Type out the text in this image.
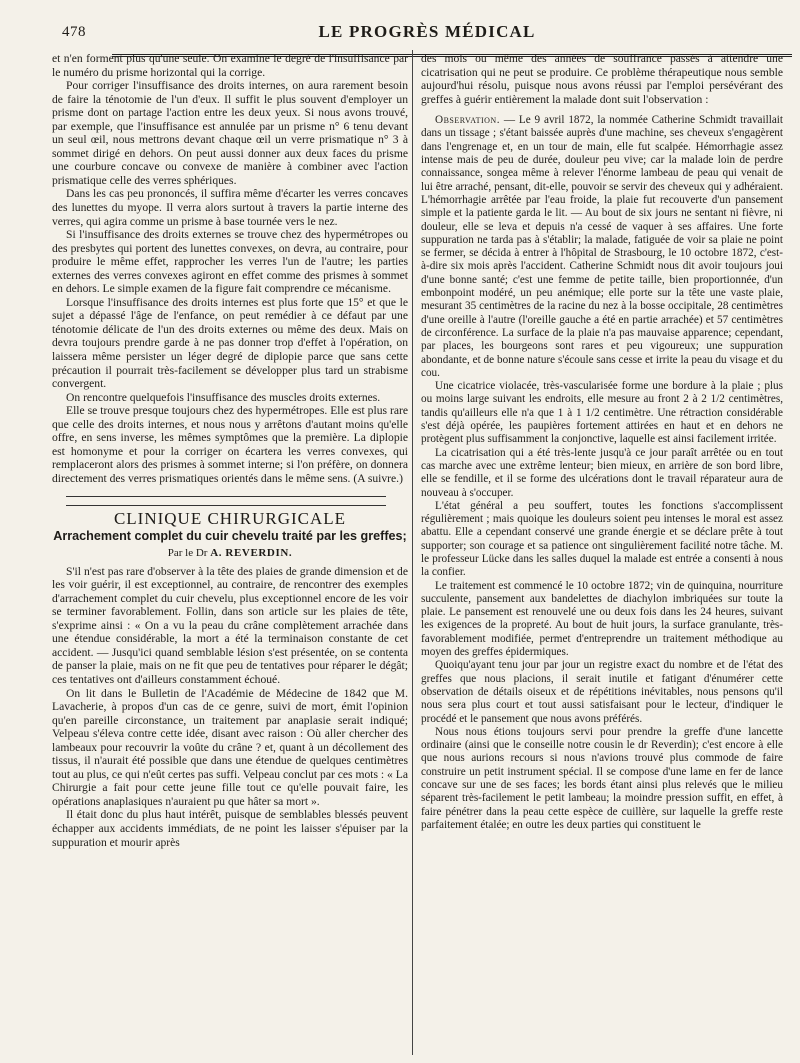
478	LE PROGRÈS MÉDICAL

et n'en forment plus qu'une seule. On examine le degré de l'insuffisance par le numéro du prisme horizontal qui la corrige.

Pour corriger l'insuffisance des droits internes, on aura rarement besoin de faire la ténotomie de l'un d'eux. Il suffit le plus souvent d'employer un prisme dont on partage l'action entre les deux yeux. Si nous avons trouvé, par exemple, que l'insuffisance est annulée par un prisme n° 6 tenu devant un seul œil, nous mettrons devant chaque œil un verre prismatique n° 3 à sommet dirigé en dehors. On peut aussi donner aux deux faces du prisme une courbure concave ou convexe de manière à combiner avec l'action prismatique celle des verres sphériques.

Dans les cas peu prononcés, il suffira même d'écarter les verres concaves des lunettes du myope. Il verra alors surtout à travers la partie interne des verres, qui agira comme un prisme à base tournée vers le nez.

Si l'insuffisance des droits externes se trouve chez des hypermétropes ou des presbytes qui portent des lunettes convexes, on devra, au contraire, pour produire le même effet, rapprocher les verres l'un de l'autre; les parties externes des verres convexes agiront en effet comme des prismes à sommet en dehors. Le simple examen de la figure fait comprendre ce mécanisme.

Lorsque l'insuffisance des droits internes est plus forte que 15° et que le sujet a dépassé l'âge de l'enfance, on peut remédier à ce défaut par une ténotomie délicate de l'un des droits externes ou même des deux. Mais on devra toujours prendre garde à ne pas donner trop d'effet à l'opération, on laissera même persister un léger degré de diplopie parce que sans cette précaution il pourrait très-facilement se développer plus tard un strabisme convergent.

On rencontre quelquefois l'insuffisance des muscles droits externes.

Elle se trouve presque toujours chez des hypermétropes. Elle est plus rare que celle des droits internes, et nous nous y arrêtons d'autant moins qu'elle offre, en sens inverse, les mêmes symptômes que la première. La diplopie est homonyme et pour la corriger on écartera les verres convexes, qui remplaceront alors des prismes à sommet interne; si l'on préfère, on donnera directement des verres prismatiques orientés dans le même sens. (A suivre.)

CLINIQUE CHIRURGICALE
Arrachement complet du cuir chevelu traité par les greffes;
Par le Dr A. REVERDIN.

S'il n'est pas rare d'observer à la tête des plaies de grande dimension et de les voir guérir, il est exceptionnel, au contraire, de rencontrer des exemples d'arrachement complet du cuir chevelu, plus exceptionnel encore de les voir se terminer favorablement. Follin, dans son article sur les plaies de tête, s'exprime ainsi : « On a vu la peau du crâne complètement arrachée dans une étendue considérable, la mort a été la terminaison constante de cet accident. — Jusqu'ici quand semblable lésion s'est présentée, on se contenta de panser la plaie, mais on ne fit que peu de tentatives pour réparer le dégât; ces tentatives ont d'ailleurs constamment échoué.

On lit dans le Bulletin de l'Académie de Médecine de 1842 que M. Lavacherie, à propos d'un cas de ce genre, suivi de mort, émit l'opinion qu'en pareille circonstance, un traitement par anaplasie serait indiqué; Velpeau s'éleva contre cette idée, disant avec raison : Où aller chercher des lambeaux pour recouvrir la voûte du crâne ? et, quant à un décollement des tissus, il n'aurait été possible que dans une étendue de quelques centimètres tout au plus, ce qui n'eût certes pas suffi. Velpeau conclut par ces mots : « La Chirurgie a fait pour cette jeune fille tout ce qu'elle pouvait faire, les opérations anaplasiques n'auraient pu que hâter sa mort ».

Il était donc du plus haut intérêt, puisque de semblables blessés peuvent échapper aux accidents immédiats, de ne point les laisser s'épuiser par la suppuration et mourir après

des mois ou même des années de souffrance passés à attendre une cicatrisation qui ne peut se produire. Ce problème thérapeutique nous semble aujourd'hui résolu, puisque nous avons réussi par l'emploi persévérant des greffes à guérir entièrement la malade dont suit l'observation :

Observation. — Le 9 avril 1872, la nommée Catherine Schmidt travaillait dans un tissage ; s'étant baissée auprès d'une machine, ses cheveux s'engagèrent dans l'engrenage et, en un tour de main, elle fut scalpée. Hémorrhagie assez intense mais de peu de durée, douleur peu vive; car la malade loin de perdre connaissance, songea même à relever l'énorme lambeau de peau qui venait de lui être arraché, pensant, dit-elle, pouvoir se servir des cheveux qui y adhéraient. L'hémorrhagie arrêtée par l'eau froide, la plaie fut recouverte d'un pansement simple et la patiente garda le lit. — Au bout de six jours ne sentant ni fièvre, ni douleur, elle se leva et depuis n'a cessé de vaquer à ses affaires. Une forte suppuration ne tarda pas à s'établir; la malade, fatiguée de voir sa plaie ne point se fermer, se décida à entrer à l'hôpital de Strasbourg, le 10 octobre 1872, c'est-à-dire six mois après l'accident. Catherine Schmidt nous dit avoir toujours joui d'une bonne santé; c'est une femme de petite taille, bien proportionnée, d'un embonpoint modéré, un peu anémique; elle porte sur la tête une vaste plaie, mesurant 35 centimètres de la racine du nez à la bosse occipitale, 28 centimètres d'une oreille à l'autre (l'oreille gauche a été en partie arrachée) et 57 centimètres de circonférence. La surface de la plaie n'a pas mauvaise apparence; cependant, par places, les bourgeons sont rares et peu vigoureux; une suppuration abondante, et de bonne nature s'écoule sans cesse et irrite la peau du visage et du cou.

Une cicatrice violacée, très-vascularisée forme une bordure à la plaie ; plus ou moins large suivant les endroits, elle mesure au front 2 à 2 1/2 centimètres, tandis qu'ailleurs elle n'a que 1 à 1 1/2 centimètre. Une rétraction considérable s'est déjà opérée, les paupières fortement attirées en haut et en dehors ne protègent plus suffisamment la conjonctive, laquelle est ainsi facilement irritée.

La cicatrisation qui a été très-lente jusqu'à ce jour paraît arrêtée ou en tout cas marche avec une extrême lenteur; bien mieux, en arrière de son bord libre, elle se fendille, et il se forme des ulcérations dont le travail réparateur aura de nouveau à s'occuper.

L'état général a peu souffert, toutes les fonctions s'accomplissent régulièrement ; mais quoique les douleurs soient peu intenses le moral est assez abattu. Elle a cependant conservé une grande énergie et se déclare prête à tout supporter; son courage et sa patience ont singulièrement facilité notre tâche. M. le professeur Lücke dans les salles duquel la malade est entrée a consenti à nous la confier.

Le traitement est commencé le 10 octobre 1872; vin de quinquina, nourriture succulente, pansement aux bandelettes de diachylon imbriquées sur toute la plaie. Le pansement est renouvelé une ou deux fois dans les 24 heures, suivant les exigences de la propreté. Au bout de huit jours, la surface granulante, très-favorablement modifiée, permet d'entreprendre un traitement méthodique au moyen des greffes épidermiques.

Quoiqu'ayant tenu jour par jour un registre exact du nombre et de l'état des greffes que nous placions, il serait inutile et fatigant d'énumérer cette observation de détails oiseux et de répétitions inévitables, nous pensons qu'il nous sera plus court et tout aussi satisfaisant pour le lecteur, d'indiquer le procédé et le pansement que nous avons préférés.

Nous nous étions toujours servi pour prendre la greffe d'une lancette ordinaire (ainsi que le conseille notre cousin le dr Reverdin); c'est encore à elle que nous aurions recours si nous n'avions trouvé plus commode de faire construire un petit instrument spécial. Il se compose d'une lame en fer de lance concave sur une de ses faces; les bords étant ainsi plus relevés que le milieu séparent très-facilement le petit lambeau; la moindre pression suffit, en effet, à faire pénétrer dans la peau cette espèce de cuillère, sur laquelle la greffe reste parfaitement étalée; en outre les deux parties qui constituent le
